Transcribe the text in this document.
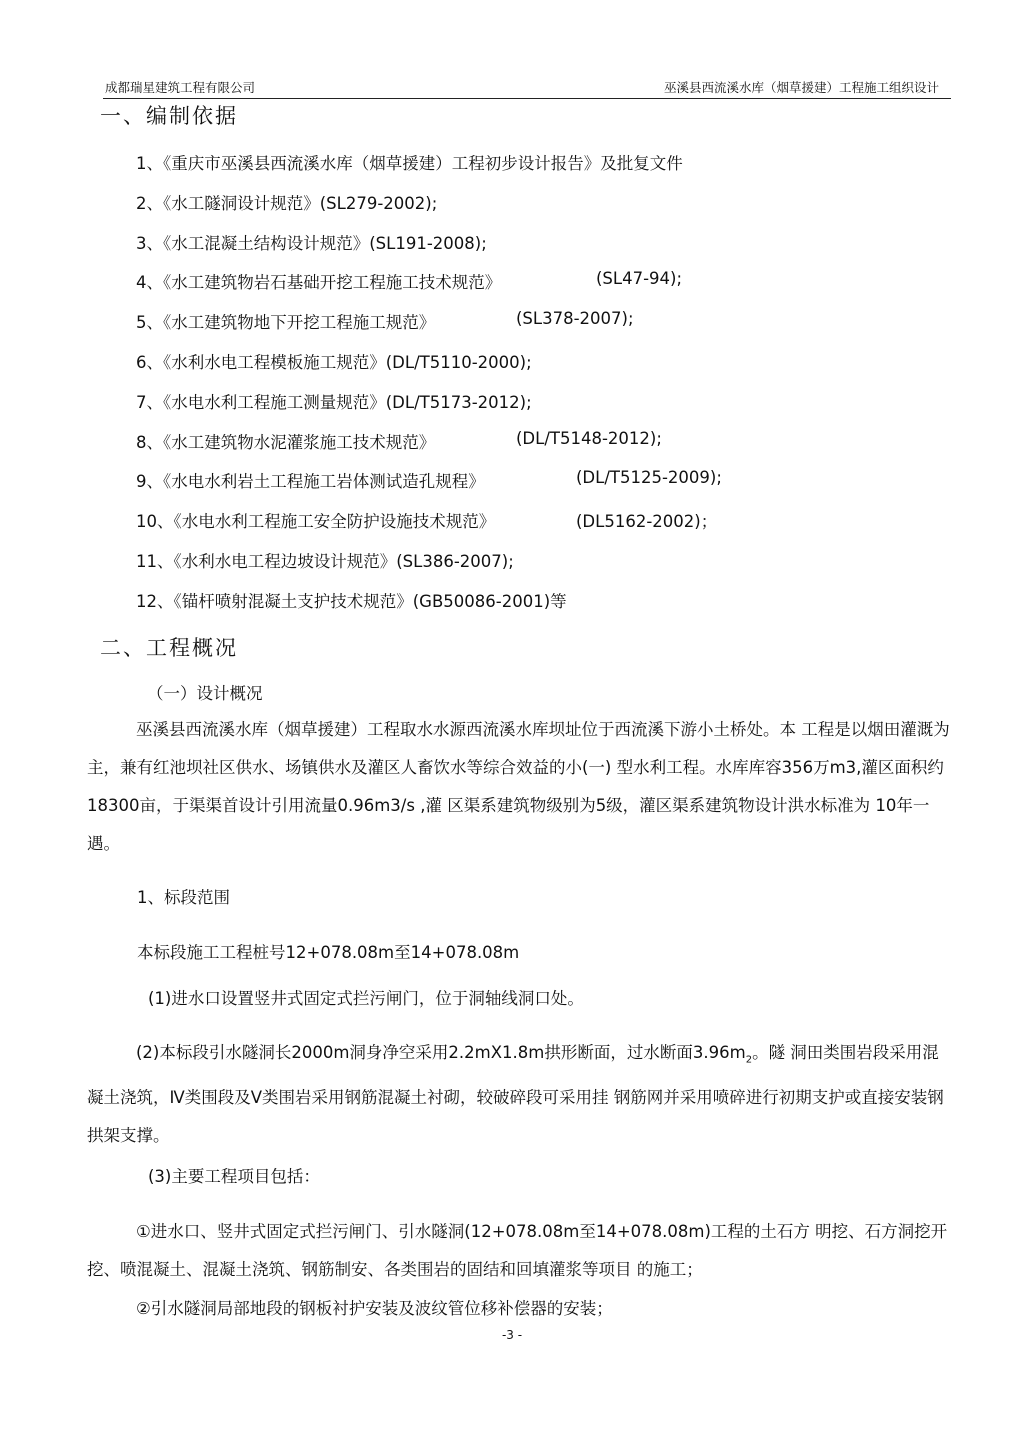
成都瑞星建筑工程有限公司	巫溪县西流溪水库（烟草援建）工程施工组织设计
一、编制依据
1、《重庆市巫溪县西流溪水库（烟草援建）工程初步设计报告》及批复文件
2、《水工隧洞设计规范》(SL279-2002);
3、《水工混凝土结构设计规范》(SL191-2008);
4、《水工建筑物岩石基础开挖工程施工技术规范》	(SL47-94);
5、《水工建筑物地下开挖工程施工规范》	(SL378-2007);
6、《水利水电工程模板施工规范》(DL/T5110-2000);
7、《水电水利工程施工测量规范》(DL/T5173-2012);
8、《水工建筑物水泥灌浆施工技术规范》	(DL/T5148-2012);
9、《水电水利岩土工程施工岩体测试造孔规程》	(DL/T5125-2009);
10、《水电水利工程施工安全防护设施技术规范》	(DL5162-2002)；
11、《水利水电工程边坡设计规范》(SL386-2007);
12、《锚杆喷射混凝土支护技术规范》(GB50086-2001)等
二、工程概况
（一）设计概况

巫溪县西流溪水库（烟草援建）工程取水水源西流溪水库坝址位于西流溪下游小土桥处。本 工程是以烟田灌溉为主，兼有红池坝社区供水、场镇供水及灌区人畜饮水等综合效益的小(一) 型水利工程。水库库容356万m3,灌区面积约18300亩，于渠渠首设计引用流量0.96m3/s ,灌 区渠系建筑物级别为5级，灌区渠系建筑物设计洪水标准为 10年一遇。

1、标段范围
本标段施工工程桩号12+078.08m至14+078.08m
(1)进水口设置竖井式固定式拦污闸门，位于洞轴线洞口处。

(2)本标段引水隧洞长2000m洞身净空采用2.2mX1.8m拱形断面，过水断面$3.96m_2$。隧 洞田类围岩段采用混凝土浇筑，Ⅳ类围段及Ⅴ类围岩采用钢筋混凝土衬砌，较破碎段可采用挂 钢筋网并采用喷碎进行初期支护或直接安装钢拱架支撑。

(3)主要工程项目包括：

①进水口、竖井式固定式拦污闸门、引水隧洞(12+078.08m至14+078.08m)工程的土石方 明挖、石方洞挖开挖、喷混凝土、混凝土浇筑、钢筋制安、各类围岩的固结和回填灌浆等项目 的施工；

②引水隧洞局部地段的钢板衬护安装及波纹管位移补偿器的安装；
-3 -
